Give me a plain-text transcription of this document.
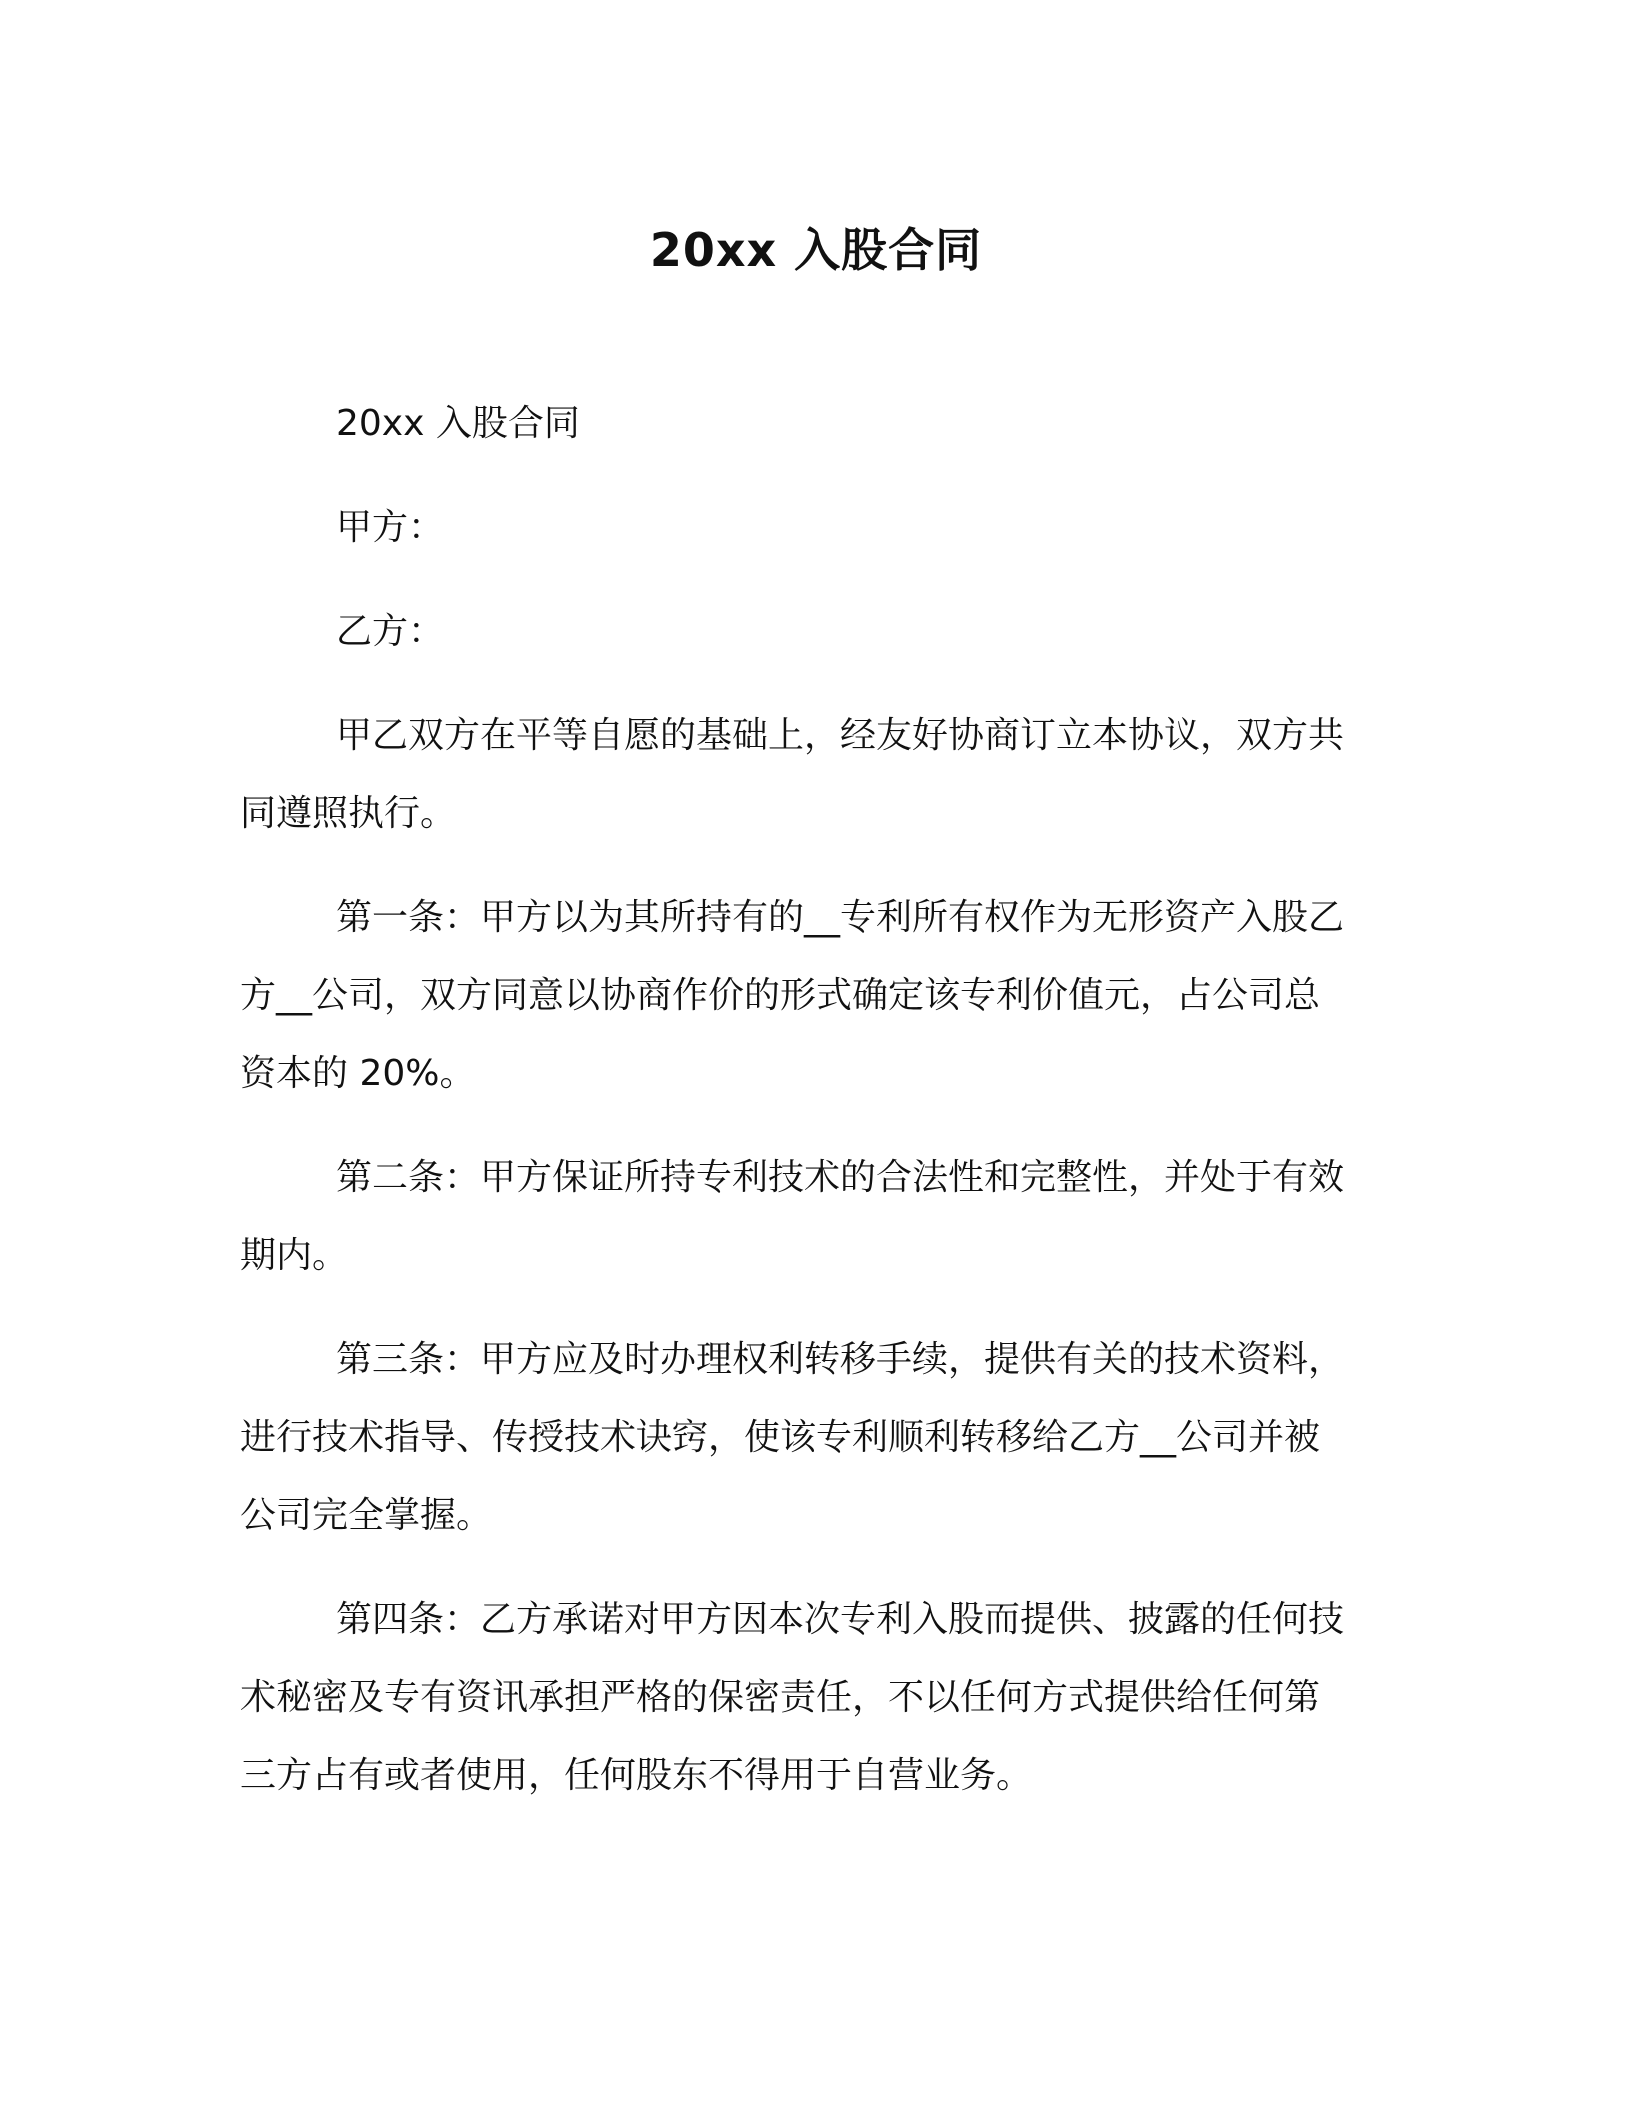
20xx 入股合同

20xx 入股合同

甲方：

乙方：

甲乙双方在平等自愿的基础上，经友好协商订立本协议，双方共

同遵照执行。

第一条：甲方以为其所持有的__专利所有权作为无形资产入股乙

方__公司，双方同意以协商作价的形式确定该专利价值元，占公司总

资本的 20%。

第二条：甲方保证所持专利技术的合法性和完整性，并处于有效

期内。

第三条：甲方应及时办理权利转移手续，提供有关的技术资料，

进行技术指导、传授技术诀窍，使该专利顺利转移给乙方__公司并被

公司完全掌握。

第四条：乙方承诺对甲方因本次专利入股而提供、披露的任何技

术秘密及专有资讯承担严格的保密责任，不以任何方式提供给任何第

三方占有或者使用，任何股东不得用于自营业务。
